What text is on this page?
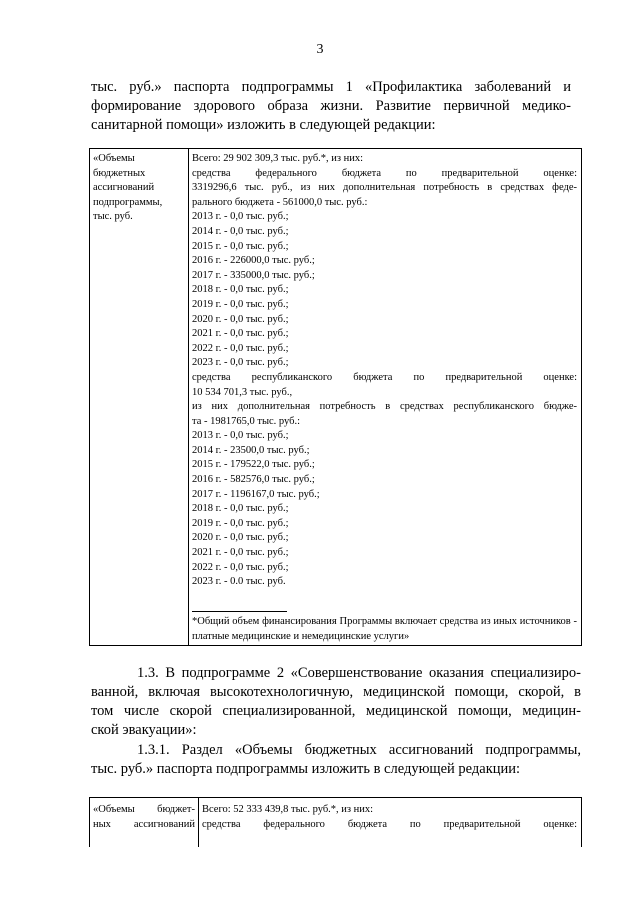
3
тыс. руб.» паспорта подпрограммы 1 «Профилактика заболеваний и формирование здорового образа жизни. Развитие первичной медико-санитарной помощи» изложить в следующей редакции:
«Объемы бюджетных ассигнований подпрограммы, тыс. руб.
Всего: 29 902 309,3 тыс. руб.*, из них:
средства федерального бюджета по предварительной оценке:
3319296,6 тыс. руб., из них дополнительная потребность в средствах феде-
рального бюджета - 561000,0 тыс. руб.:
2013 г. - 0,0 тыс. руб.;
2014 г. - 0,0 тыс. руб.;
2015 г. - 0,0 тыс. руб.;
2016 г. - 226000,0 тыс. руб.;
2017 г. - 335000,0 тыс. руб.;
2018 г. - 0,0 тыс. руб.;
2019 г. - 0,0 тыс. руб.;
2020 г. - 0,0 тыс. руб.;
2021 г. - 0,0 тыс. руб.;
2022 г. - 0,0 тыс. руб.;
2023 г. - 0,0 тыс. руб.;
средства республиканского бюджета по предварительной оценке:
10 534 701,3 тыс. руб.,
из них дополнительная потребность в средствах республиканского бюдже-
та - 1981765,0 тыс. руб.:
2013 г. - 0,0 тыс. руб.;
2014 г. - 23500,0 тыс. руб.;
2015 г. - 179522,0 тыс. руб.;
2016 г. - 582576,0 тыс. руб.;
2017 г. - 1196167,0 тыс. руб.;
2018 г. - 0,0 тыс. руб.;
2019 г. - 0,0 тыс. руб.;
2020 г. - 0,0 тыс. руб.;
2021 г. - 0,0 тыс. руб.;
2022 г. - 0,0 тыс. руб.;
2023 г. - 0.0 тыс. руб.
*Общий объем финансирования Программы включает средства из иных источников - платные медицинские и немедицинские услуги»
1.3. В подпрограмме 2 «Совершенствование оказания специализиро-
ванной, включая высокотехнологичную, медицинской помощи, скорой, в
том числе скорой специализированной, медицинской помощи, медицин-
ской эвакуации»:
1.3.1. Раздел «Объемы бюджетных ассигнований подпрограммы,
тыс. руб.» паспорта подпрограммы изложить в следующей редакции:
«Объемы бюджет-
ных ассигнований
Всего: 52 333 439,8 тыс. руб.*, из них:
средства федерального бюджета по предварительной оценке:
